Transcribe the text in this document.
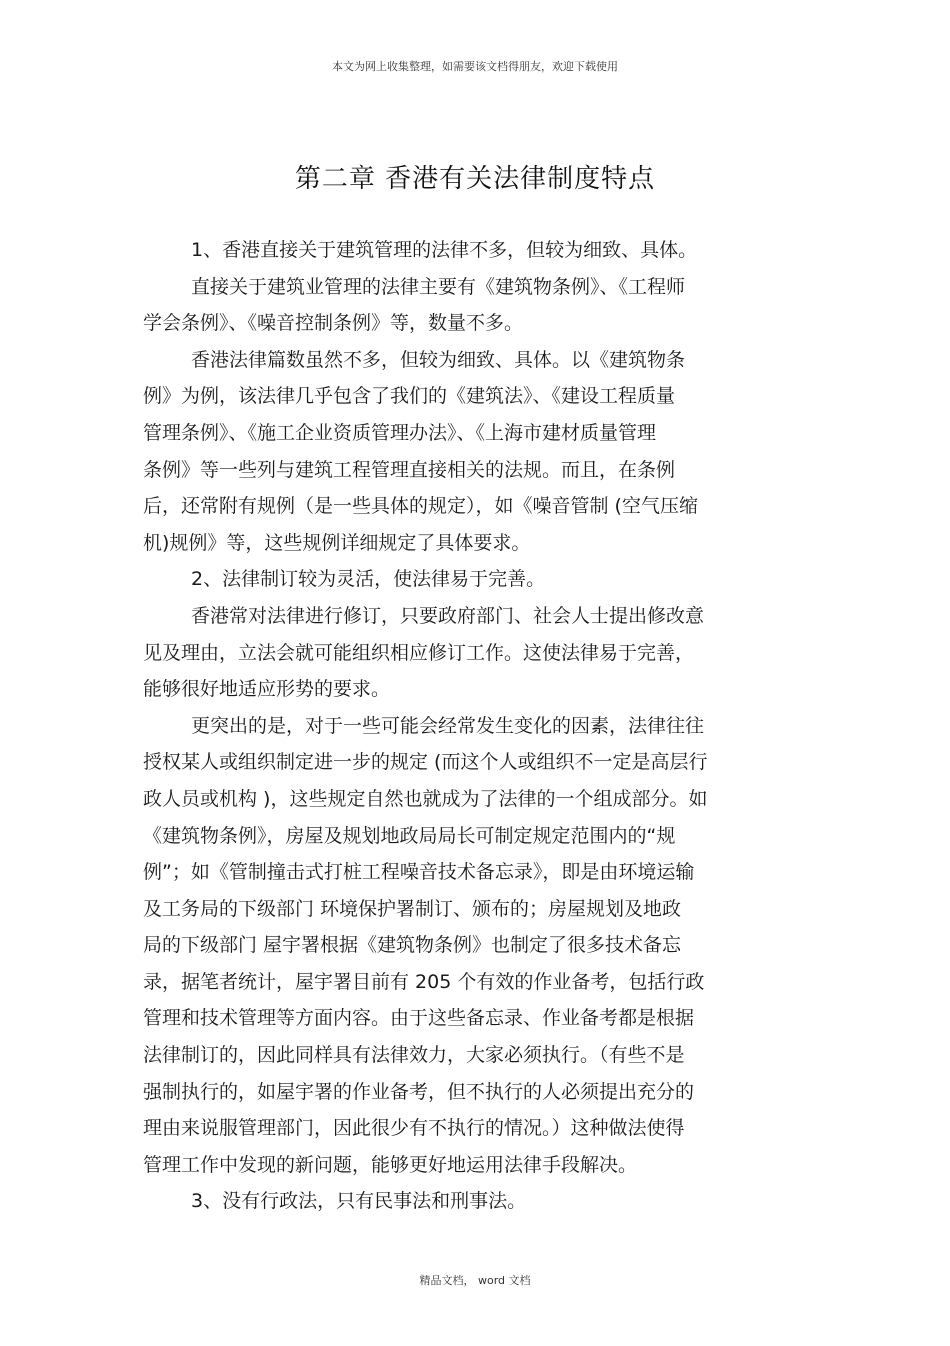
本文为网上收集整理，如需要该文档得朋友，欢迎下载使用
第二章 香港有关法律制度特点
1、香港直接关于建筑管理的法律不多，但较为细致、具体。
直接关于建筑业管理的法律主要有《建筑物条例》、《工程师
学会条例》、《噪音控制条例》等，数量不多。
香港法律篇数虽然不多，但较为细致、具体。以《建筑物条
例》为例，该法律几乎包含了我们的《建筑法》、《建设工程质量
管理条例》、《施工企业资质管理办法》、《上海市建材质量管理
条例》等一些列与建筑工程管理直接相关的法规。而且，在条例
后，还常附有规例（是一些具体的规定），如《噪音管制 (空气压缩
机)规例》等，这些规例详细规定了具体要求。
2、法律制订较为灵活，使法律易于完善。
香港常对法律进行修订，只要政府部门、社会人士提出修改意
见及理由，立法会就可能组织相应修订工作。这使法律易于完善，
能够很好地适应形势的要求。
更突出的是，对于一些可能会经常发生变化的因素，法律往往
授权某人或组织制定进一步的规定 (而这个人或组织不一定是高层行
政人员或机构 )，这些规定自然也就成为了法律的一个组成部分。如
《建筑物条例》，房屋及规划地政局局长可制定规定范围内的“规
例”；如《管制撞击式打桩工程噪音技术备忘录》，即是由环境运输
及工务局的下级部门 环境保护署制订、颁布的；房屋规划及地政
局的下级部门 屋宇署根据《建筑物条例》也制定了很多技术备忘
录，据笔者统计，屋宇署目前有 205 个有效的作业备考，包括行政
管理和技术管理等方面内容。由于这些备忘录、作业备考都是根据
法律制订的，因此同样具有法律效力，大家必须执行。（有些不是
强制执行的，如屋宇署的作业备考，但不执行的人必须提出充分的
理由来说服管理部门，因此很少有不执行的情况。）这种做法使得
管理工作中发现的新问题，能够更好地运用法律手段解决。
3、没有行政法，只有民事法和刑事法。
精品文档， word 文档
